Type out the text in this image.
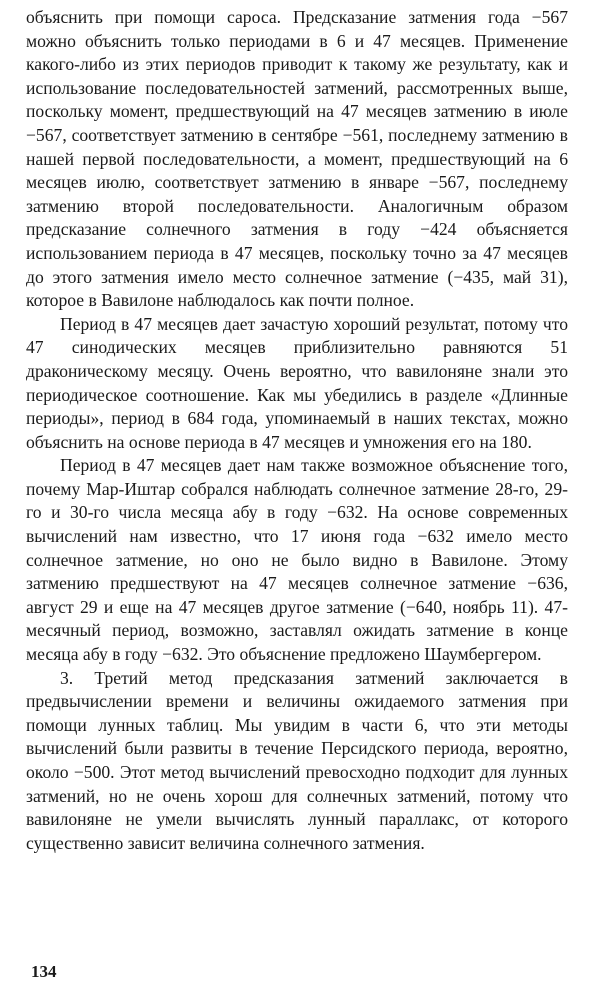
объяснить при помощи сароса. Предсказание затмения года −567 можно объяснить только периодами в 6 и 47 месяцев. Применение какого-либо из этих периодов приводит к такому же результату, как и использование последовательностей затмений, рассмотренных выше, поскольку момент, предшествующий на 47 месяцев затмению в июле −567, соответствует затмению в сентябре −561, последнему затмению в нашей первой последовательности, а момент, предшествующий на 6 месяцев июлю, соответствует затмению в январе −567, последнему затмению второй последовательности. Аналогичным образом предсказание солнечного затмения в году −424 объясняется использованием периода в 47 месяцев, поскольку точно за 47 месяцев до этого затмения имело место солнечное затмение (−435, май 31), которое в Вавилоне наблюдалось как почти полное.

Период в 47 месяцев дает зачастую хороший результат, потому что 47 синодических месяцев приблизительно равняются 51 драконическому месяцу. Очень вероятно, что вавилоняне знали это периодическое соотношение. Как мы убедились в разделе «Длинные периоды», период в 684 года, упоминаемый в наших текстах, можно объяснить на основе периода в 47 месяцев и умножения его на 180.

Период в 47 месяцев дает нам также возможное объяснение того, почему Мар-Иштар собрался наблюдать солнечное затмение 28-го, 29-го и 30-го числа месяца абу в году −632. На основе современных вычислений нам известно, что 17 июня года −632 имело место солнечное затмение, но оно не было видно в Вавилоне. Этому затмению предшествуют на 47 месяцев солнечное затмение −636, август 29 и еще на 47 месяцев другое затмение (−640, ноябрь 11). 47-месячный период, возможно, заставлял ожидать затмение в конце месяца абу в году −632. Это объяснение предложено Шаумбергером.

3. Третий метод предсказания затмений заключается в предвычислении времени и величины ожидаемого затмения при помощи лунных таблиц. Мы увидим в части 6, что эти методы вычислений были развиты в течение Персидского периода, вероятно, около −500. Этот метод вычислений превосходно подходит для лунных затмений, но не очень хорош для солнечных затмений, потому что вавилоняне не умели вычислять лунный параллакс, от которого существенно зависит величина солнечного затмения.

134
